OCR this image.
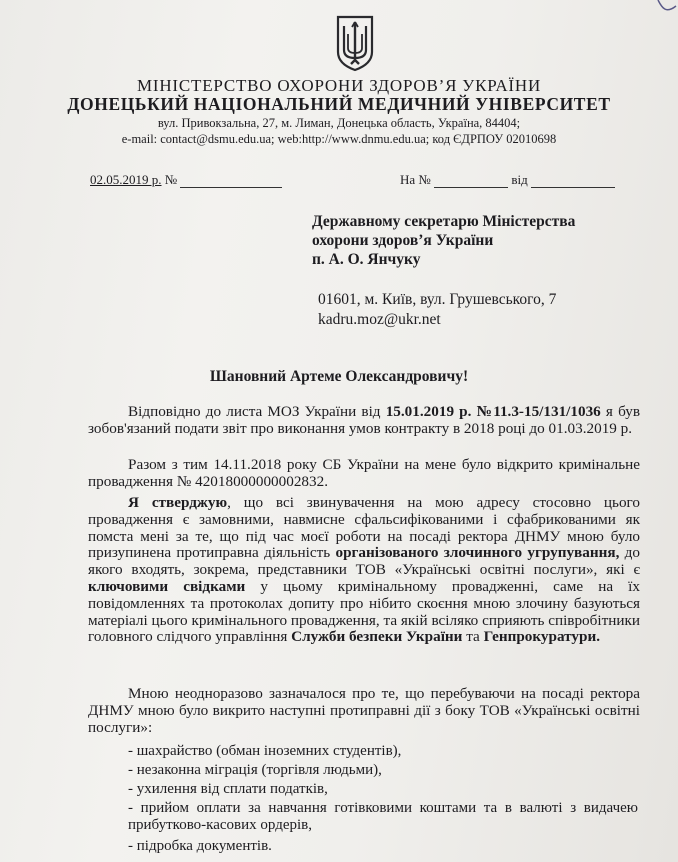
МІНІСТЕРСТВО ОХОРОНИ ЗДОРОВ’Я УКРАЇНИ
ДОНЕЦЬКИЙ НАЦІОНАЛЬНИЙ МЕДИЧНИЙ УНІВЕРСИТЕТ
вул. Привокзальна, 27, м. Лиман, Донецька область, Україна, 84404;
e-mail: contact@dsmu.edu.ua; web:http://www.dnmu.edu.ua; код ЄДРПОУ 02010698
02.05.2019 р. №	На №	від
Державному секретарю Міністерства
охорони здоров’я України
п. А. О. Янчуку
01601, м. Київ, вул. Грушевського, 7
kadru.moz@ukr.net
Шановний Артеме Олександровичу!
Відповідно до листа МОЗ України від 15.01.2019 р. №11.3-15/131/1036 я був зобов'язаний подати звіт про виконання умов контракту в 2018 році до 01.03.2019 р.
Разом з тим 14.11.2018 року СБ України на мене було відкрито кримінальне провадження № 42018000000002832.
Я стверджую, що всі звинувачення на мою адресу стосовно цього провадження є замовними, навмисне сфальсифікованими і сфабрикованими як помста мені за те, що під час моєї роботи на посаді ректора ДНМУ мною було призупинена протиправна діяльність організованого злочинного угрупування, до якого входять, зокрема, представники ТОВ «Українські освітні послуги», які є ключовими свідками у цьому кримінальному провадженні, саме на їх повідомленнях та протоколах допиту про нібито скоєння мною злочину базуються матеріалі цього кримінального провадження, та якій всіляко сприяють співробітники головного слідчого управління Служби безпеки України та Генпрокуратури.
Мною неодноразово зазначалося про те, що перебуваючи на посаді ректора ДНМУ мною було викрито наступні протиправні дії з боку ТОВ «Українські освітні послуги»:
- шахрайство (обман іноземних студентів),
- незаконна міграція (торгівля людьми),
- ухилення від сплати податків,
- прийом оплати за навчання готівковими коштами та в валюті з видачею прибутково-касових ордерів,
- підробка документів.
